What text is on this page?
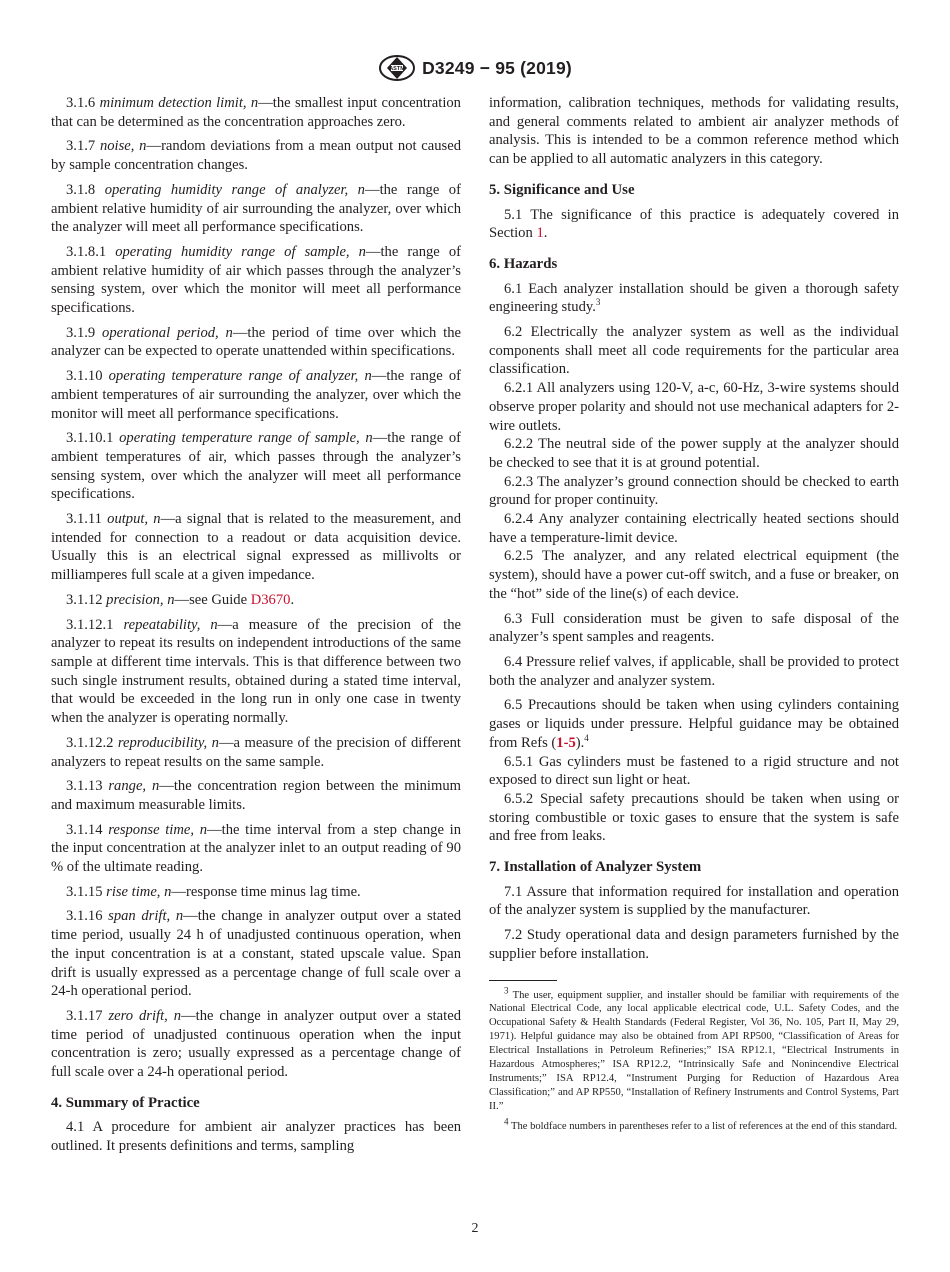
ASTM D3249 − 95 (2019)

3.1.6 minimum detection limit, n—the smallest input concentration that can be determined as the concentration approaches zero.

3.1.7 noise, n—random deviations from a mean output not caused by sample concentration changes.

3.1.8 operating humidity range of analyzer, n—the range of ambient relative humidity of air surrounding the analyzer, over which the analyzer will meet all performance specifications.

3.1.8.1 operating humidity range of sample, n—the range of ambient relative humidity of air which passes through the analyzer’s sensing system, over which the monitor will meet all performance specifications.

3.1.9 operational period, n—the period of time over which the analyzer can be expected to operate unattended within specifications.

3.1.10 operating temperature range of analyzer, n—the range of ambient temperatures of air surrounding the analyzer, over which the monitor will meet all performance specifications.

3.1.10.1 operating temperature range of sample, n—the range of ambient temperatures of air, which passes through the analyzer’s sensing system, over which the analyzer will meet all performance specifications.

3.1.11 output, n—a signal that is related to the measurement, and intended for connection to a readout or data acquisition device. Usually this is an electrical signal expressed as millivolts or milliamperes full scale at a given impedance.

3.1.12 precision, n—see Guide D3670.

3.1.12.1 repeatability, n—a measure of the precision of the analyzer to repeat its results on independent introductions of the same sample at different time intervals. This is that difference between two such single instrument results, obtained during a stated time interval, that would be exceeded in the long run in only one case in twenty when the analyzer is operating normally.

3.1.12.2 reproducibility, n—a measure of the precision of different analyzers to repeat results on the same sample.

3.1.13 range, n—the concentration region between the minimum and maximum measurable limits.

3.1.14 response time, n—the time interval from a step change in the input concentration at the analyzer inlet to an output reading of 90 % of the ultimate reading.

3.1.15 rise time, n—response time minus lag time.

3.1.16 span drift, n—the change in analyzer output over a stated time period, usually 24 h of unadjusted continuous operation, when the input concentration is at a constant, stated upscale value. Span drift is usually expressed as a percentage change of full scale over a 24-h operational period.

3.1.17 zero drift, n—the change in analyzer output over a stated time period of unadjusted continuous operation when the input concentration is zero; usually expressed as a percentage change of full scale over a 24-h operational period.

4. Summary of Practice

4.1 A procedure for ambient air analyzer practices has been outlined. It presents definitions and terms, sampling

information, calibration techniques, methods for validating results, and general comments related to ambient air analyzer methods of analysis. This is intended to be a common reference method which can be applied to all automatic analyzers in this category.

5. Significance and Use

5.1 The significance of this practice is adequately covered in Section 1.

6. Hazards

6.1 Each analyzer installation should be given a thorough safety engineering study.$^3$

6.2 Electrically the analyzer system as well as the individual components shall meet all code requirements for the particular area classification.

6.2.1 All analyzers using 120-V, a-c, 60-Hz, 3-wire systems should observe proper polarity and should not use mechanical adapters for 2-wire outlets.

6.2.2 The neutral side of the power supply at the analyzer should be checked to see that it is at ground potential.

6.2.3 The analyzer’s ground connection should be checked to earth ground for proper continuity.

6.2.4 Any analyzer containing electrically heated sections should have a temperature-limit device.

6.2.5 The analyzer, and any related electrical equipment (the system), should have a power cut-off switch, and a fuse or breaker, on the “hot” side of the line(s) of each device.

6.3 Full consideration must be given to safe disposal of the analyzer’s spent samples and reagents.

6.4 Pressure relief valves, if applicable, shall be provided to protect both the analyzer and analyzer system.

6.5 Precautions should be taken when using cylinders containing gases or liquids under pressure. Helpful guidance may be obtained from Refs (1-5).$^4$

6.5.1 Gas cylinders must be fastened to a rigid structure and not exposed to direct sun light or heat.

6.5.2 Special safety precautions should be taken when using or storing combustible or toxic gases to ensure that the system is safe and free from leaks.

7. Installation of Analyzer System

7.1 Assure that information required for installation and operation of the analyzer system is supplied by the manufacturer.

7.2 Study operational data and design parameters furnished by the supplier before installation.

$^3$ The user, equipment supplier, and installer should be familiar with requirements of the National Electrical Code, any local applicable electrical code, U.L. Safety Codes, and the Occupational Safety & Health Standards (Federal Register, Vol 36, No. 105, Part II, May 29, 1971). Helpful guidance may also be obtained from API RP500, “Classification of Areas for Electrical Installations in Petroleum Refineries;” ISA RP12.1, “Electrical Instruments in Hazardous Atmospheres;” ISA RP12.2, “Intrinsically Safe and Nonincendive Electrical Instruments;” ISA RP12.4, “Instrument Purging for Reduction of Hazardous Area Classification;” and AP RP550, “Installation of Refinery Instruments and Control Systems, Part II.”

$^4$ The boldface numbers in parentheses refer to a list of references at the end of this standard.

2
